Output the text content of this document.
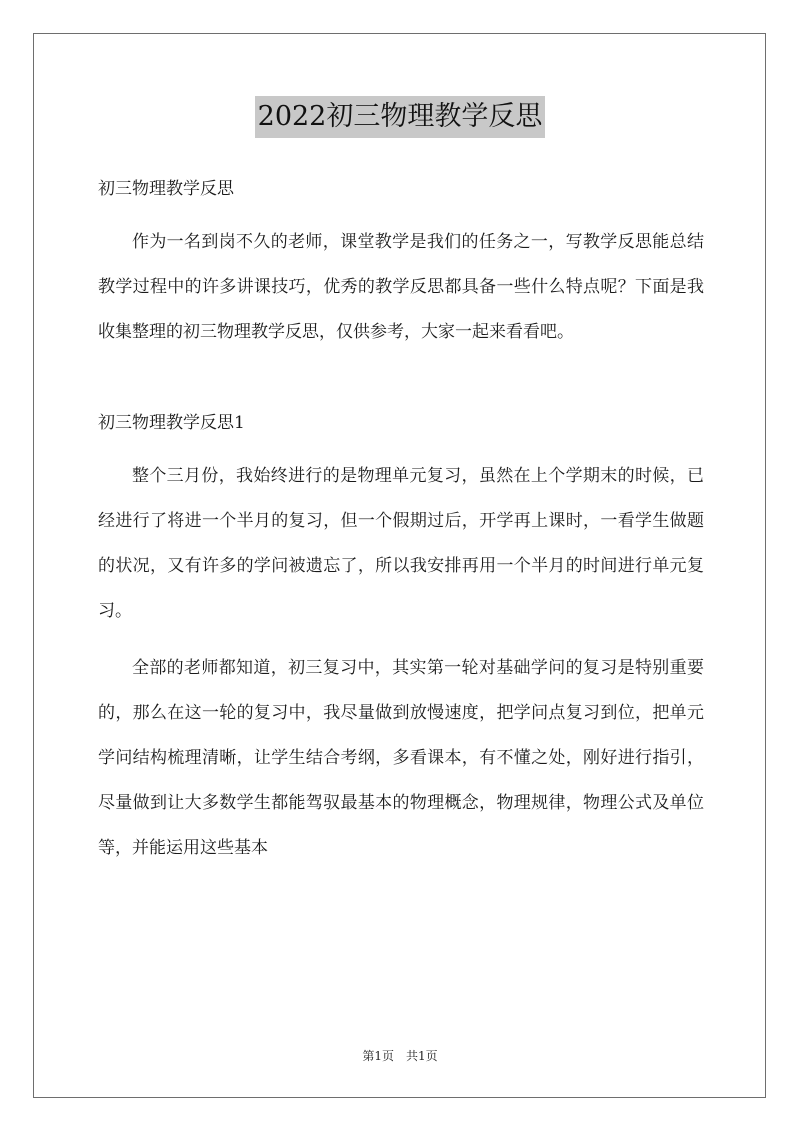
2022初三物理教学反思

初三物理教学反思

作为一名到岗不久的老师，课堂教学是我们的任务之一，写教学反思能总结教学过程中的许多讲课技巧，优秀的教学反思都具备一些什么特点呢？下面是我收集整理的初三物理教学反思，仅供参考，大家一起来看看吧。

初三物理教学反思1

整个三月份，我始终进行的是物理单元复习，虽然在上个学期末的时候，已经进行了将进一个半月的复习，但一个假期过后，开学再上课时，一看学生做题的状况，又有许多的学问被遗忘了，所以我安排再用一个半月的时间进行单元复习。

全部的老师都知道，初三复习中，其实第一轮对基础学问的复习是特别重要的，那么在这一轮的复习中，我尽量做到放慢速度，把学问点复习到位，把单元学问结构梳理清晰，让学生结合考纲，多看课本，有不懂之处，刚好进行指引，尽量做到让大多数学生都能驾驭最基本的物理概念，物理规律，物理公式及单位等，并能运用这些基本

第1页　共1页
